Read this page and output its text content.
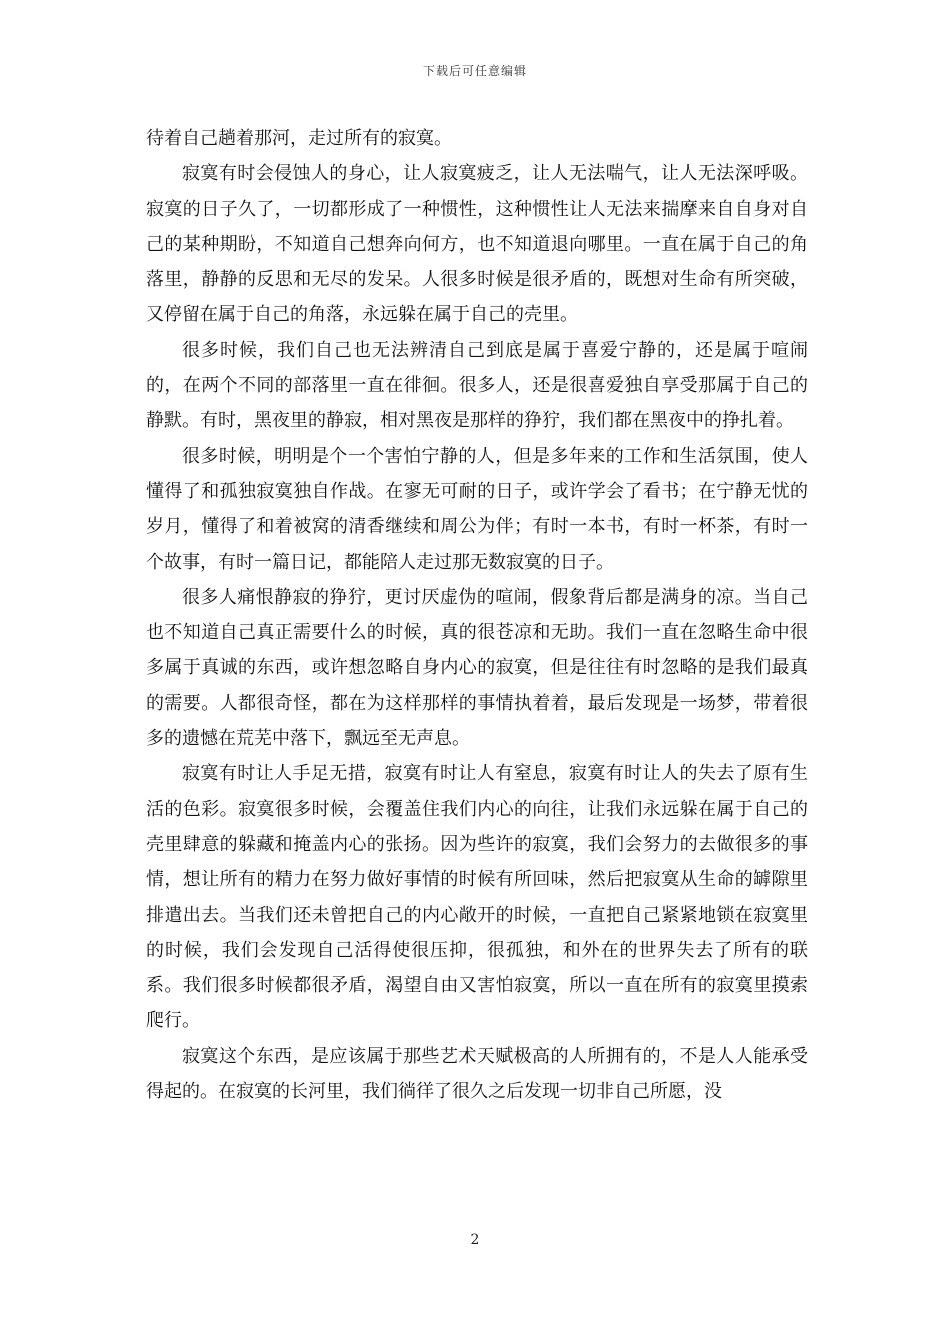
下载后可任意编辑

待着自己趟着那河，走过所有的寂寞。

寂寞有时会侵蚀人的身心，让人寂寞疲乏，让人无法喘气，让人无法深呼吸。寂寞的日子久了，一切都形成了一种惯性，这种惯性让人无法来揣摩来自自身对自己的某种期盼，不知道自己想奔向何方，也不知道退向哪里。一直在属于自己的角落里，静静的反思和无尽的发呆。人很多时候是很矛盾的，既想对生命有所突破，又停留在属于自己的角落，永远躲在属于自己的壳里。

很多时候，我们自己也无法辨清自己到底是属于喜爱宁静的，还是属于喧闹的，在两个不同的部落里一直在徘徊。很多人，还是很喜爱独自享受那属于自己的静默。有时，黑夜里的静寂，相对黑夜是那样的狰狞，我们都在黑夜中的挣扎着。

很多时候，明明是个一个害怕宁静的人，但是多年来的工作和生活氛围，使人懂得了和孤独寂寞独自作战。在寥无可耐的日子，或许学会了看书；在宁静无忧的岁月，懂得了和着被窝的清香继续和周公为伴；有时一本书，有时一杯茶，有时一个故事，有时一篇日记，都能陪人走过那无数寂寞的日子。

很多人痛恨静寂的狰狞，更讨厌虚伪的喧闹，假象背后都是满身的凉。当自己也不知道自己真正需要什么的时候，真的很苍凉和无助。我们一直在忽略生命中很多属于真诚的东西，或许想忽略自身内心的寂寞，但是往往有时忽略的是我们最真的需要。人都很奇怪，都在为这样那样的事情执着着，最后发现是一场梦，带着很多的遗憾在荒芜中落下，飘远至无声息。

寂寞有时让人手足无措，寂寞有时让人有窒息，寂寞有时让人的失去了原有生活的色彩。寂寞很多时候，会覆盖住我们内心的向往，让我们永远躲在属于自己的壳里肆意的躲藏和掩盖内心的张扬。因为些许的寂寞，我们会努力的去做很多的事情，想让所有的精力在努力做好事情的时候有所回味，然后把寂寞从生命的罅隙里排遣出去。当我们还未曾把自己的内心敞开的时候，一直把自己紧紧地锁在寂寞里的时候，我们会发现自己活得使很压抑，很孤独，和外在的世界失去了所有的联系。我们很多时候都很矛盾，渴望自由又害怕寂寞，所以一直在所有的寂寞里摸索爬行。

寂寞这个东西，是应该属于那些艺术天赋极高的人所拥有的，不是人人能承受得起的。在寂寞的长河里，我们徜徉了很久之后发现一切非自己所愿，没

2
